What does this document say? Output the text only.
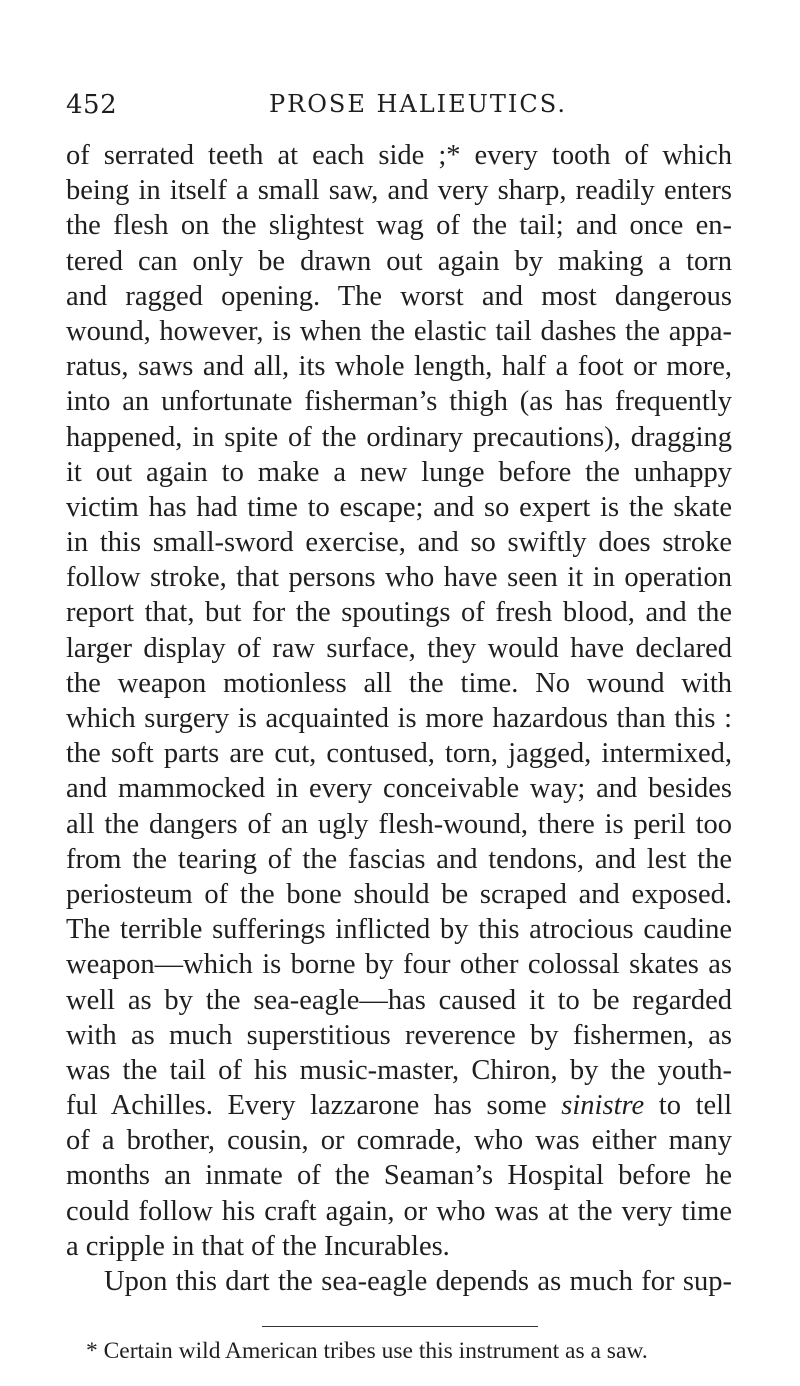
452	PROSE HALIEUTICS.
of serrated teeth at each side ;* every tooth of which
being in itself a small saw, and very sharp, readily enters
the flesh on the slightest wag of the tail; and once en-
tered can only be drawn out again by making a torn
and ragged opening. The worst and most dangerous
wound, however, is when the elastic tail dashes the appa-
ratus, saws and all, its whole length, half a foot or more,
into an unfortunate fisherman’s thigh (as has frequently
happened, in spite of the ordinary precautions), dragging
it out again to make a new lunge before the unhappy
victim has had time to escape; and so expert is the skate
in this small-sword exercise, and so swiftly does stroke
follow stroke, that persons who have seen it in operation
report that, but for the spoutings of fresh blood, and the
larger display of raw surface, they would have declared
the weapon motionless all the time. No wound with
which surgery is acquainted is more hazardous than this :
the soft parts are cut, contused, torn, jagged, intermixed,
and mammocked in every conceivable way; and besides
all the dangers of an ugly flesh-wound, there is peril too
from the tearing of the fascias and tendons, and lest the
periosteum of the bone should be scraped and exposed.
The terrible sufferings inflicted by this atrocious caudine
weapon—which is borne by four other colossal skates as
well as by the sea-eagle—has caused it to be regarded
with as much superstitious reverence by fishermen, as
was the tail of his music-master, Chiron, by the youth-
ful Achilles. Every lazzarone has some sinistre to tell
of a brother, cousin, or comrade, who was either many
months an inmate of the Seaman’s Hospital before he
could follow his craft again, or who was at the very time
a cripple in that of the Incurables.
Upon this dart the sea-eagle depends as much for sup-
* Certain wild American tribes use this instrument as a saw.
